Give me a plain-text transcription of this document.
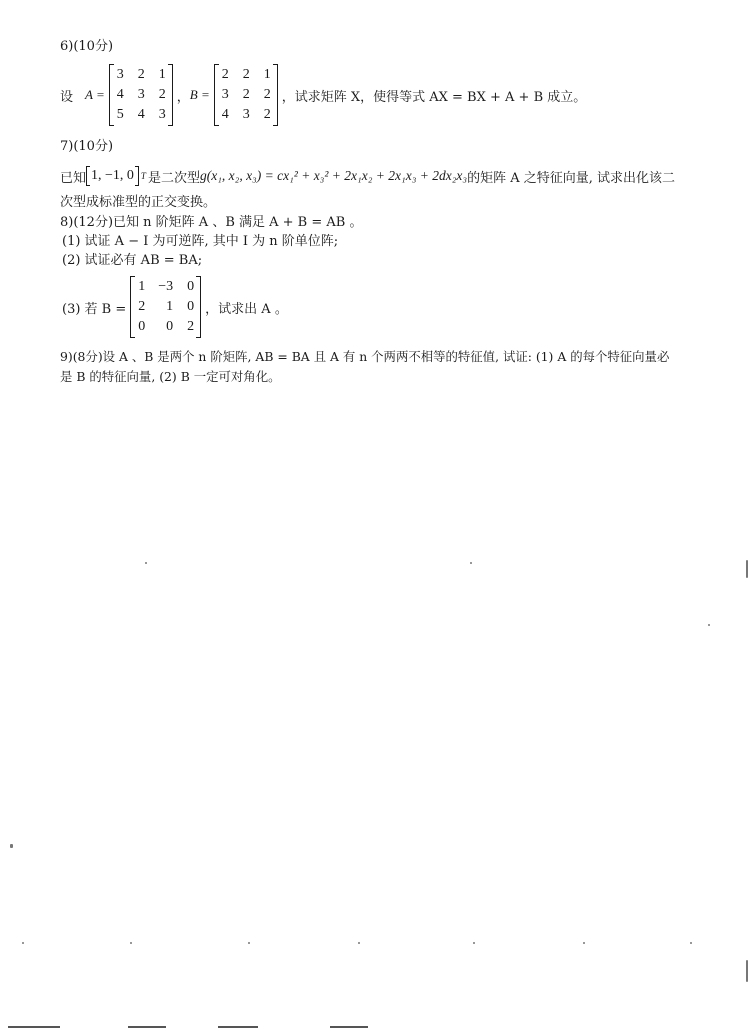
6)(10分)
设 A =
3 2 1
4 3 2
5 4 3
， B =
2 2 1
3 2 2
4 3 2
，试求矩阵 X，使得等式 AX = BX + A + B 成立。
7)(10分)
已知 1, −1, 0 T 是二次型 g(x₁, x₂, x₃) = cx₁² + x₃² + 2x₁x₂ + 2x₁x₃ + 2dx₂x₃ 的矩阵 A 之特征向量, 试求出化该二
次型成标准型的正交变换。
8)(12分)已知 n 阶矩阵 A 、B 满足 A + B = AB 。
(1) 试证 A − I 为可逆阵, 其中 I 为 n 阶单位阵;
(2) 试证必有 AB = BA;
(3) 若 B =
1 −3 0
2	1 0
0	0 2
，试求出 A 。
9)(8分)设 A 、B 是两个 n 阶矩阵, AB = BA 且 A 有 n 个两两不相等的特征值, 试证: (1) A 的每个特征向量必
是 B 的特征向量, (2) B 一定可对角化。
